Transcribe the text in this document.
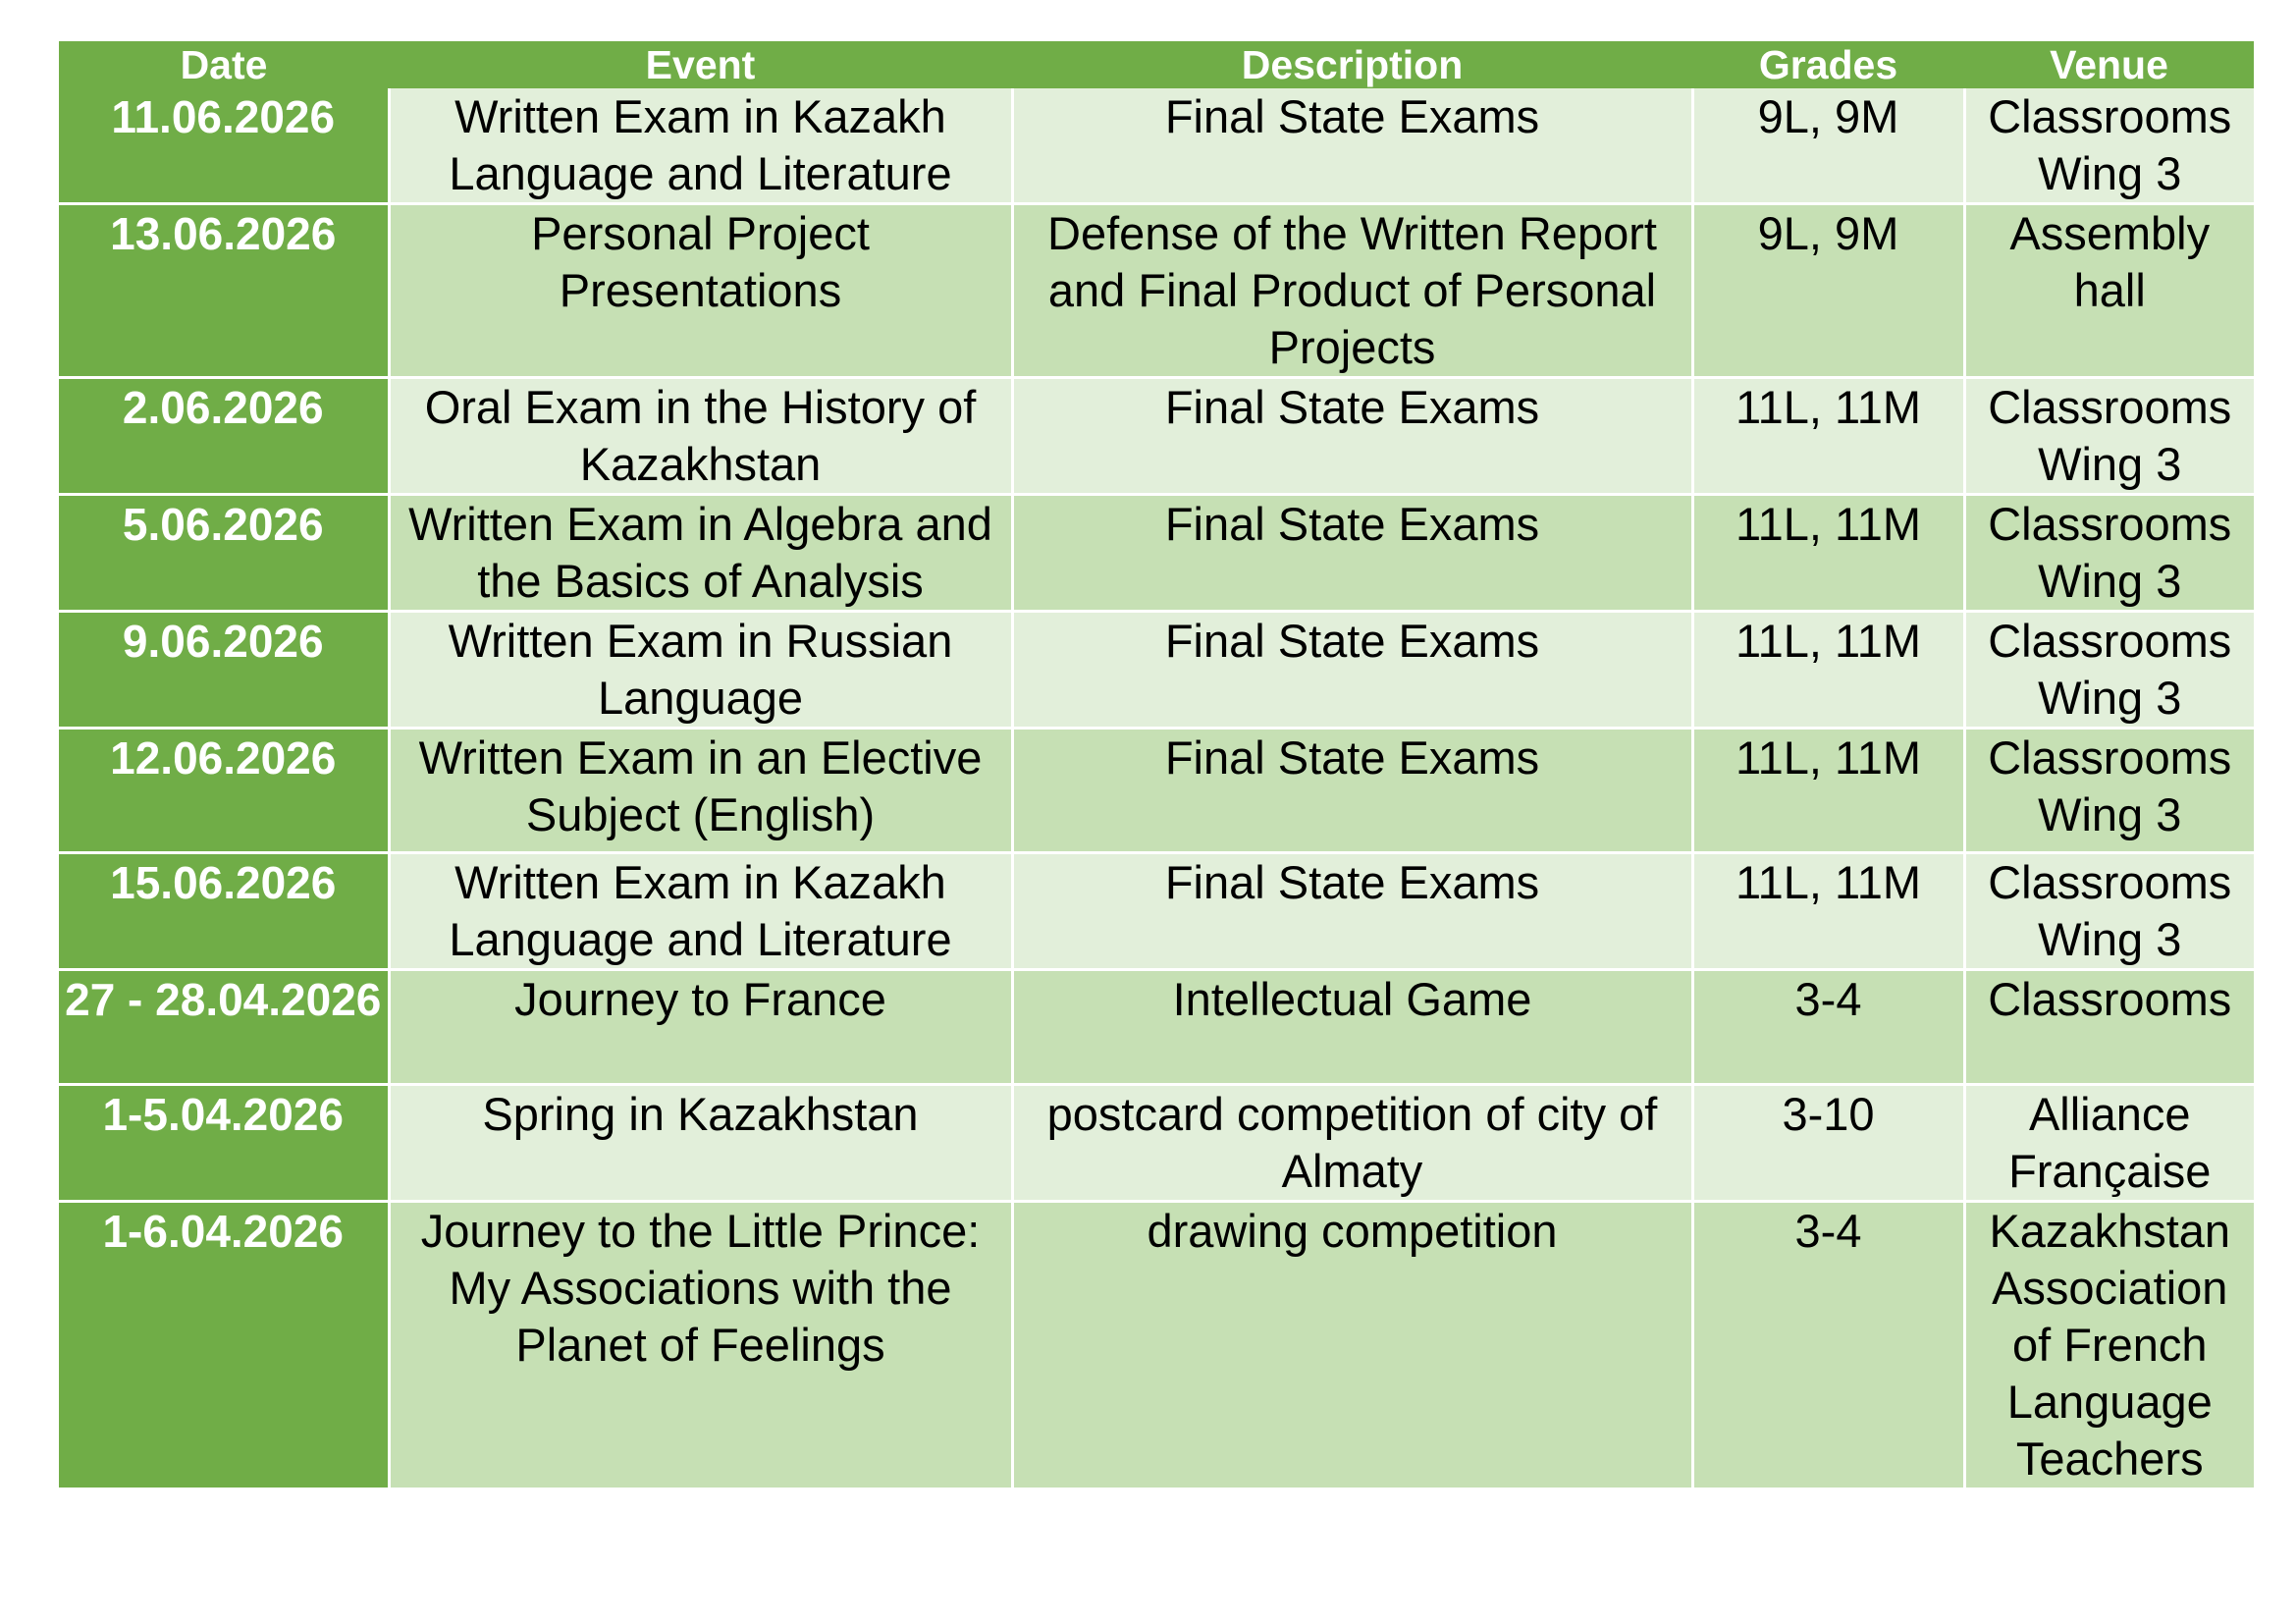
Date	Event	Description	Grades	Venue
11.06.2026	Written Exam in Kazakh Language and Literature	Final State Exams	9L, 9M	Classrooms Wing 3
13.06.2026	Personal Project Presentations	Defense of the Written Report and Final Product of Personal Projects	9L, 9M	Assembly hall
2.06.2026	Oral Exam in the History of Kazakhstan	Final State Exams	11L, 11M	Classrooms Wing 3
5.06.2026	Written Exam in Algebra and the Basics of Analysis	Final State Exams	11L, 11M	Classrooms Wing 3
9.06.2026	Written Exam in Russian Language	Final State Exams	11L, 11M	Classrooms Wing 3
12.06.2026	Written Exam in an Elective Subject (English)	Final State Exams	11L, 11M	Classrooms Wing 3
15.06.2026	Written Exam in Kazakh Language and Literature	Final State Exams	11L, 11M	Classrooms Wing 3
27 - 28.04.2026	Journey to France	Intellectual Game	3-4	Classrooms
1-5.04.2026	Spring in Kazakhstan	postcard competition of city of Almaty	3-10	Alliance Française
1-6.04.2026	Journey to the Little Prince: My Associations with the Planet of Feelings	drawing competition	3-4	Kazakhstan Association of French Language Teachers
